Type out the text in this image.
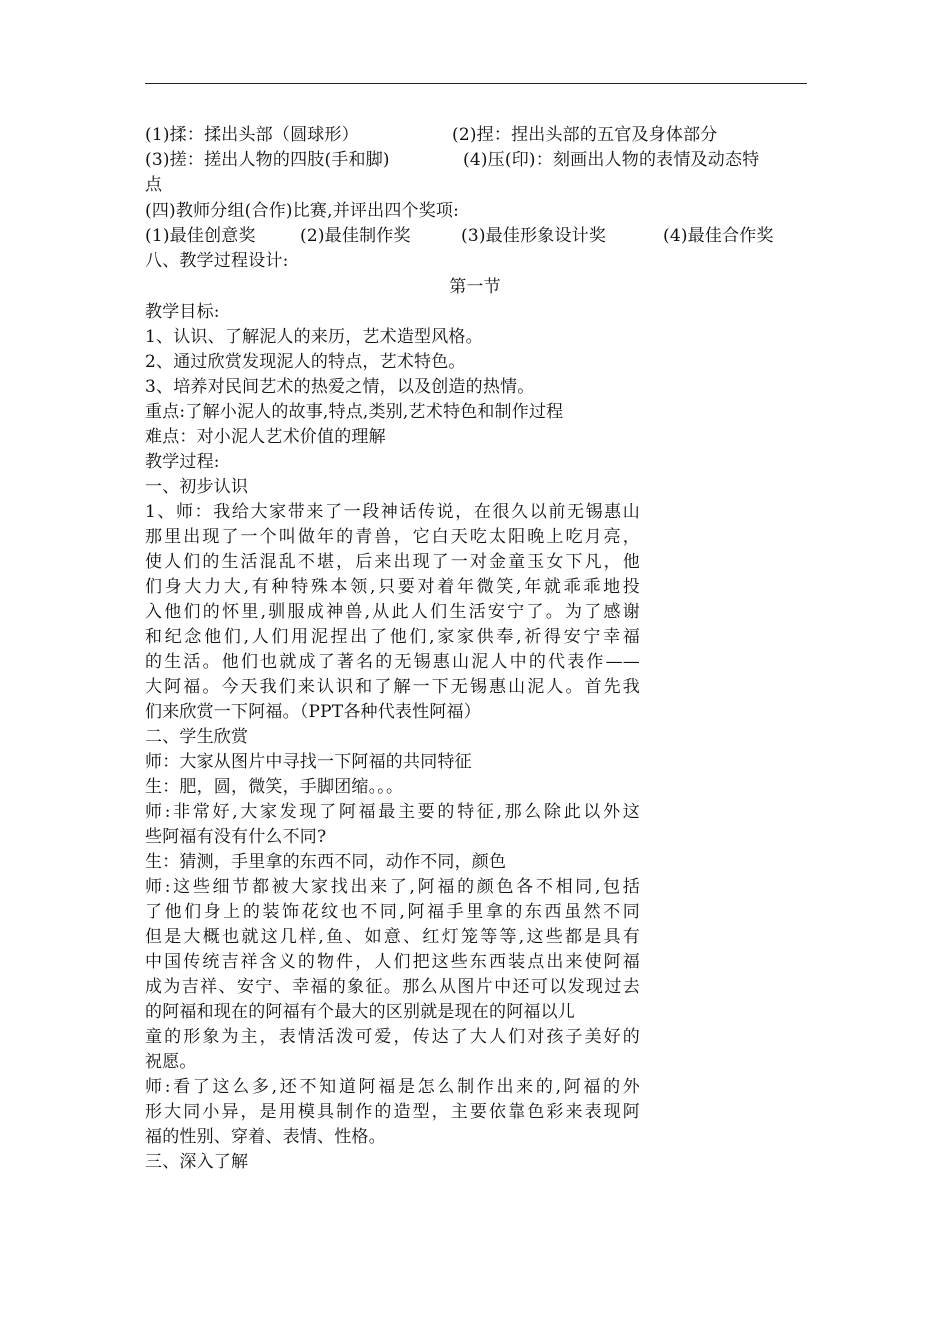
(1)揉：揉出头部（圆球形）	(2)捏：捏出头部的五官及身体部分
(3)搓：搓出人物的四肢(手和脚)	(4)压(印)：刻画出人物的表情及动态特
点
(四)教师分组(合作)比赛,并评出四个奖项:
(1)最佳创意奖	(2)最佳制作奖	(3)最佳形象设计奖	(4)最佳合作奖
八、教学过程设计:
第一节
教学目标:
1、认识、了解泥人的来历，艺术造型风格。
2、通过欣赏发现泥人的特点，艺术特色。
3、培养对民间艺术的热爱之情，以及创造的热情。
重点:了解小泥人的故事,特点,类别,艺术特色和制作过程
难点：对小泥人艺术价值的理解
教学过程:
一、初步认识
1、师：我给大家带来了一段神话传说，在很久以前无锡惠山
那里出现了一个叫做年的青兽，它白天吃太阳晚上吃月亮，
使人们的生活混乱不堪，后来出现了一对金童玉女下凡，他
们身大力大,有种特殊本领,只要对着年微笑,年就乖乖地投
入他们的怀里,驯服成神兽,从此人们生活安宁了。为了感谢
和纪念他们,人们用泥捏出了他们,家家供奉,祈得安宁幸福
的生活。他们也就成了著名的无锡惠山泥人中的代表作——
大阿福。今天我们来认识和了解一下无锡惠山泥人。首先我
们来欣赏一下阿福。（PPT各种代表性阿福）
二、学生欣赏
师：大家从图片中寻找一下阿福的共同特征
生：肥，圆，微笑，手脚团缩。。。
师:非常好,大家发现了阿福最主要的特征,那么除此以外这
些阿福有没有什么不同?
生：猜测，手里拿的东西不同，动作不同，颜色
师:这些细节都被大家找出来了,阿福的颜色各不相同,包括
了他们身上的装饰花纹也不同,阿福手里拿的东西虽然不同
但是大概也就这几样,鱼、如意、红灯笼等等,这些都是具有
中国传统吉祥含义的物件，人们把这些东西装点出来使阿福
成为吉祥、安宁、幸福的象征。那么从图片中还可以发现过去
的阿福和现在的阿福有个最大的区别就是现在的阿福以儿
童的形象为主，表情活泼可爱，传达了大人们对孩子美好的
祝愿。
师:看了这么多,还不知道阿福是怎么制作出来的,阿福的外
形大同小异，是用模具制作的造型，主要依靠色彩来表现阿
福的性别、穿着、表情、性格。
三、深入了解
